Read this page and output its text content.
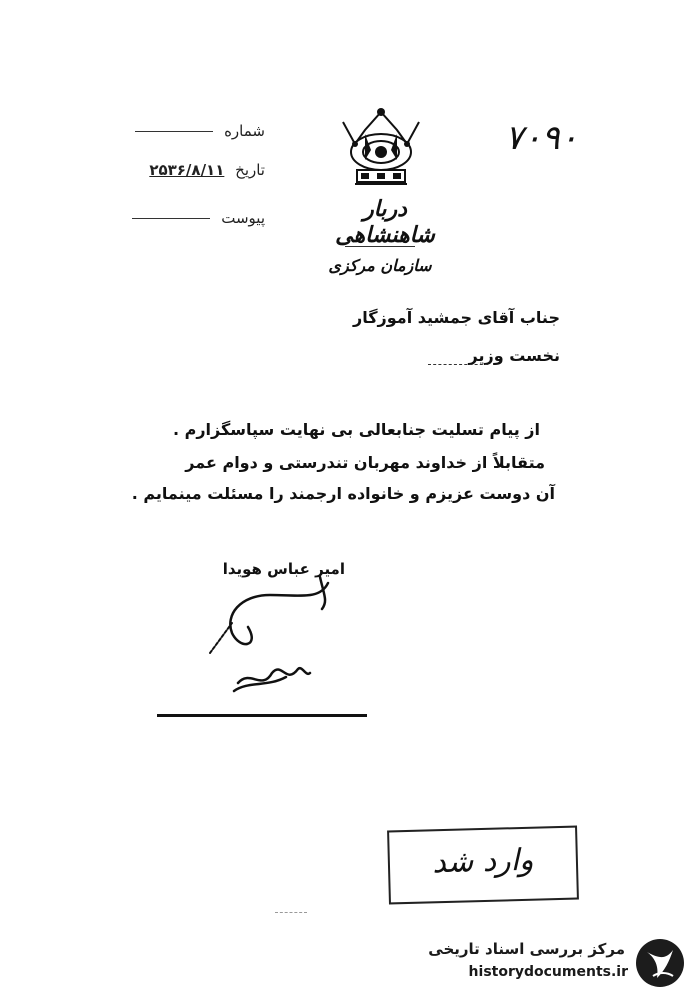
۷۰۹۰
دربار شاهنشاهی
سازمان مرکزی
شماره
تاریخ ۲۵۳۶/۸/۱۱
پیوست
جناب آقای جمشید آموزگار
نخست وزیر
از پیام تسلیت جنابعالی بی نهایت سپاسگزارم .
متقابلاً از خداوند مهربان تندرستی و دوام عمر
آن دوست عزیزم و خانواده ارجمند را مسئلت مینمایم .
امیر عباس هویدا
وارد شد
مرکز بررسی اسناد تاریخی
historydocuments.ir
